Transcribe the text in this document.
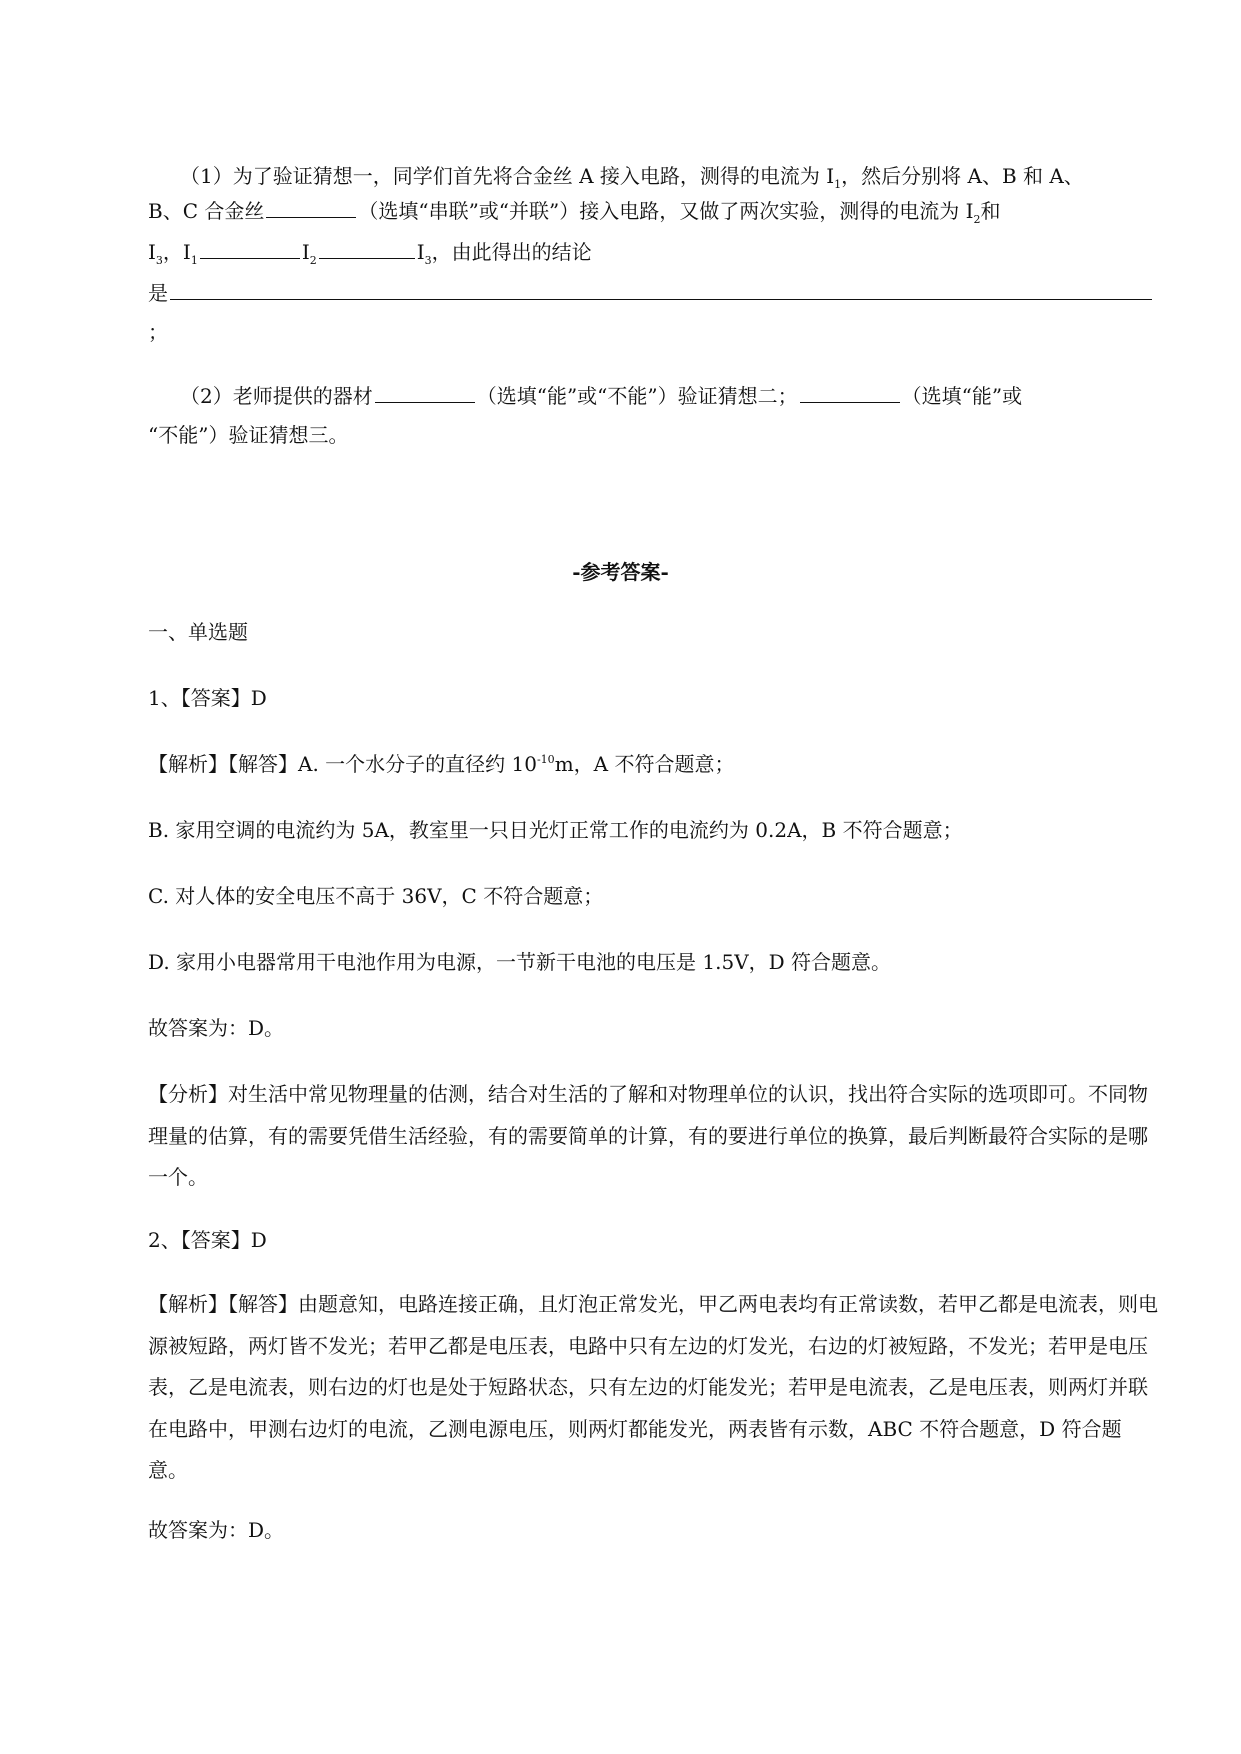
（1）为了验证猜想一，同学们首先将合金丝 A 接入电路，测得的电流为 $I_1$，然后分别将 A、B 和 A、
B、C 合金丝	（选填“串联”或“并联”）接入电路，又做了两次实验，测得的电流为 $I_2$和
$I_3$，$I_1$	$I_2$	$I_3$，由此得出的结论
是
；
（2）老师提供的器材	（选填“能”或“不能”）验证猜想二；	（选填“能”或
“不能”）验证猜想三。
-参考答案-
一、单选题
1、【答案】D
【解析】【解答】A. 一个水分子的直径约 $10^{-10}m$，A 不符合题意；
B. 家用空调的电流约为 5A，教室里一只日光灯正常工作的电流约为 0.2A，B 不符合题意；
C. 对人体的安全电压不高于 36V，C 不符合题意；
D. 家用小电器常用干电池作用为电源，一节新干电池的电压是 1.5V，D 符合题意。
故答案为：D。
【分析】对生活中常见物理量的估测，结合对生活的了解和对物理单位的认识，找出符合实际的选项即可。不同物理量的估算，有的需要凭借生活经验，有的需要简单的计算，有的要进行单位的换算，最后判断最符合实际的是哪一个。
2、【答案】D
【解析】【解答】由题意知，电路连接正确，且灯泡正常发光，甲乙两电表均有正常读数，若甲乙都是电流表，则电源被短路，两灯皆不发光；若甲乙都是电压表，电路中只有左边的灯发光，右边的灯被短路，不发光；若甲是电压表，乙是电流表，则右边的灯也是处于短路状态，只有左边的灯能发光；若甲是电流表，乙是电压表，则两灯并联在电路中，甲测右边灯的电流，乙测电源电压，则两灯都能发光，两表皆有示数，ABC 不符合题意，D 符合题意。
故答案为：D。
